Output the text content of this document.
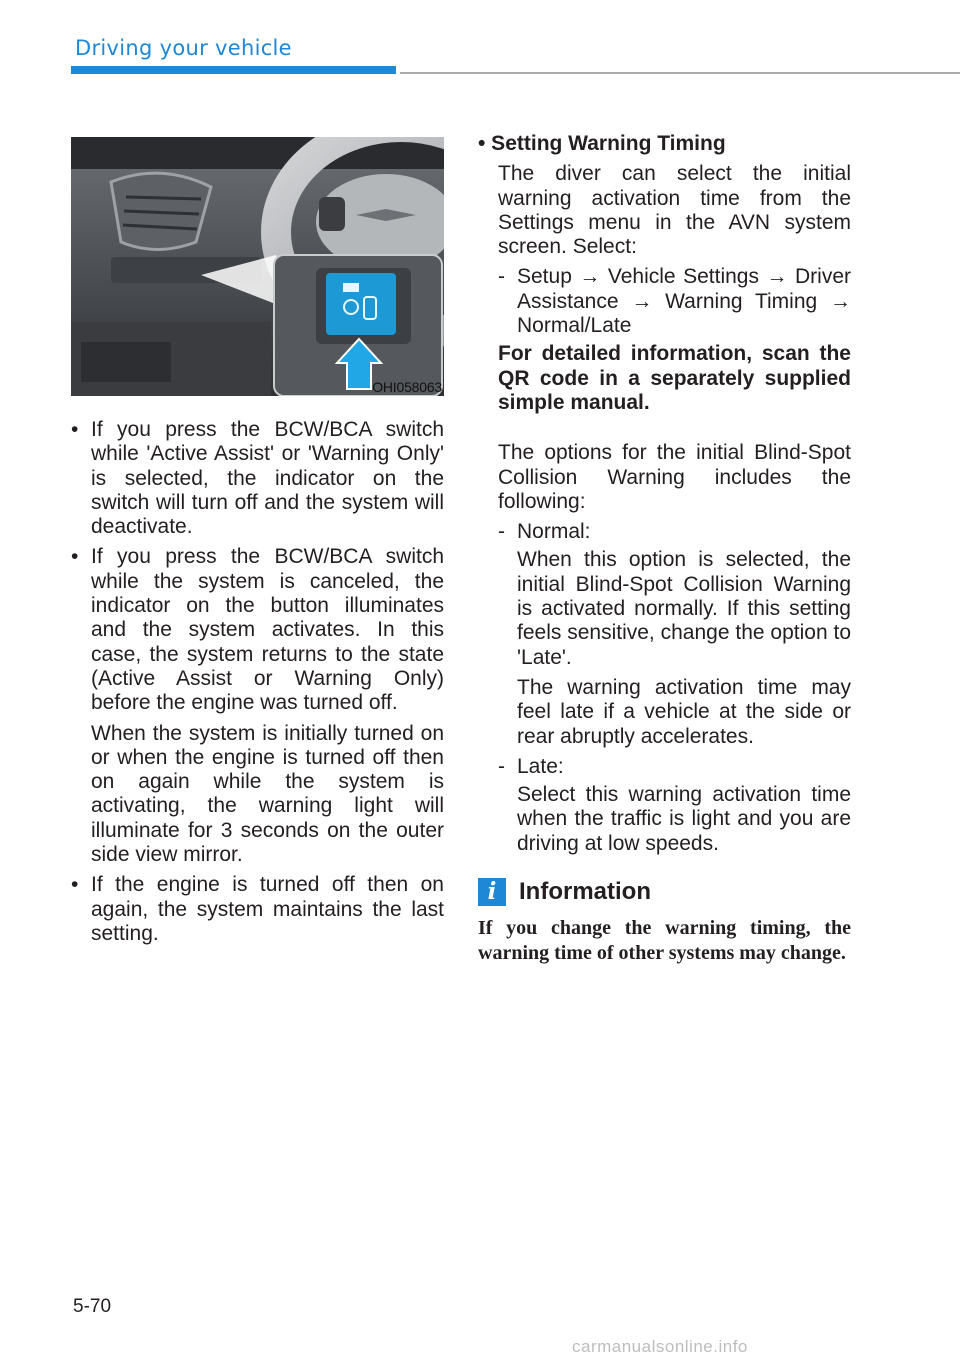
Driving your vehicle
OHI058063
• If you press the BCW/BCA switch while 'Active Assist' or 'Warning Only' is selected, the indicator on the switch will turn off and the system will deactivate.

• If you press the BCW/BCA switch while the system is canceled, the indicator on the button illuminates and the system activates. In this case, the system returns to the state (Active Assist or Warning Only) before the engine was turned off.

When the system is initially turned on or when the engine is turned off then on again while the system is activating, the warning light will illuminate for 3 seconds on the outer side view mirror.

• If the engine is turned off then on again, the system maintains the last setting.

• Setting Warning Timing

The diver can select the initial warning activation time from the Settings menu in the AVN system screen. Select:

- Setup → Vehicle Settings → Driver Assistance → Warning Timing → Normal/Late

For detailed information, scan the QR code in a separately supplied simple manual.

The options for the initial Blind-Spot Collision Warning includes the following:

- Normal:

When this option is selected, the initial Blind-Spot Collision Warning is activated normally. If this setting feels sensitive, change the option to 'Late'.

The warning activation time may feel late if a vehicle at the side or rear abruptly accelerates.

- Late:

Select this warning activation time when the traffic is light and you are driving at low speeds.

i Information

If you change the warning timing, the warning time of other systems may change.

5-70
carmanualsonline.info
